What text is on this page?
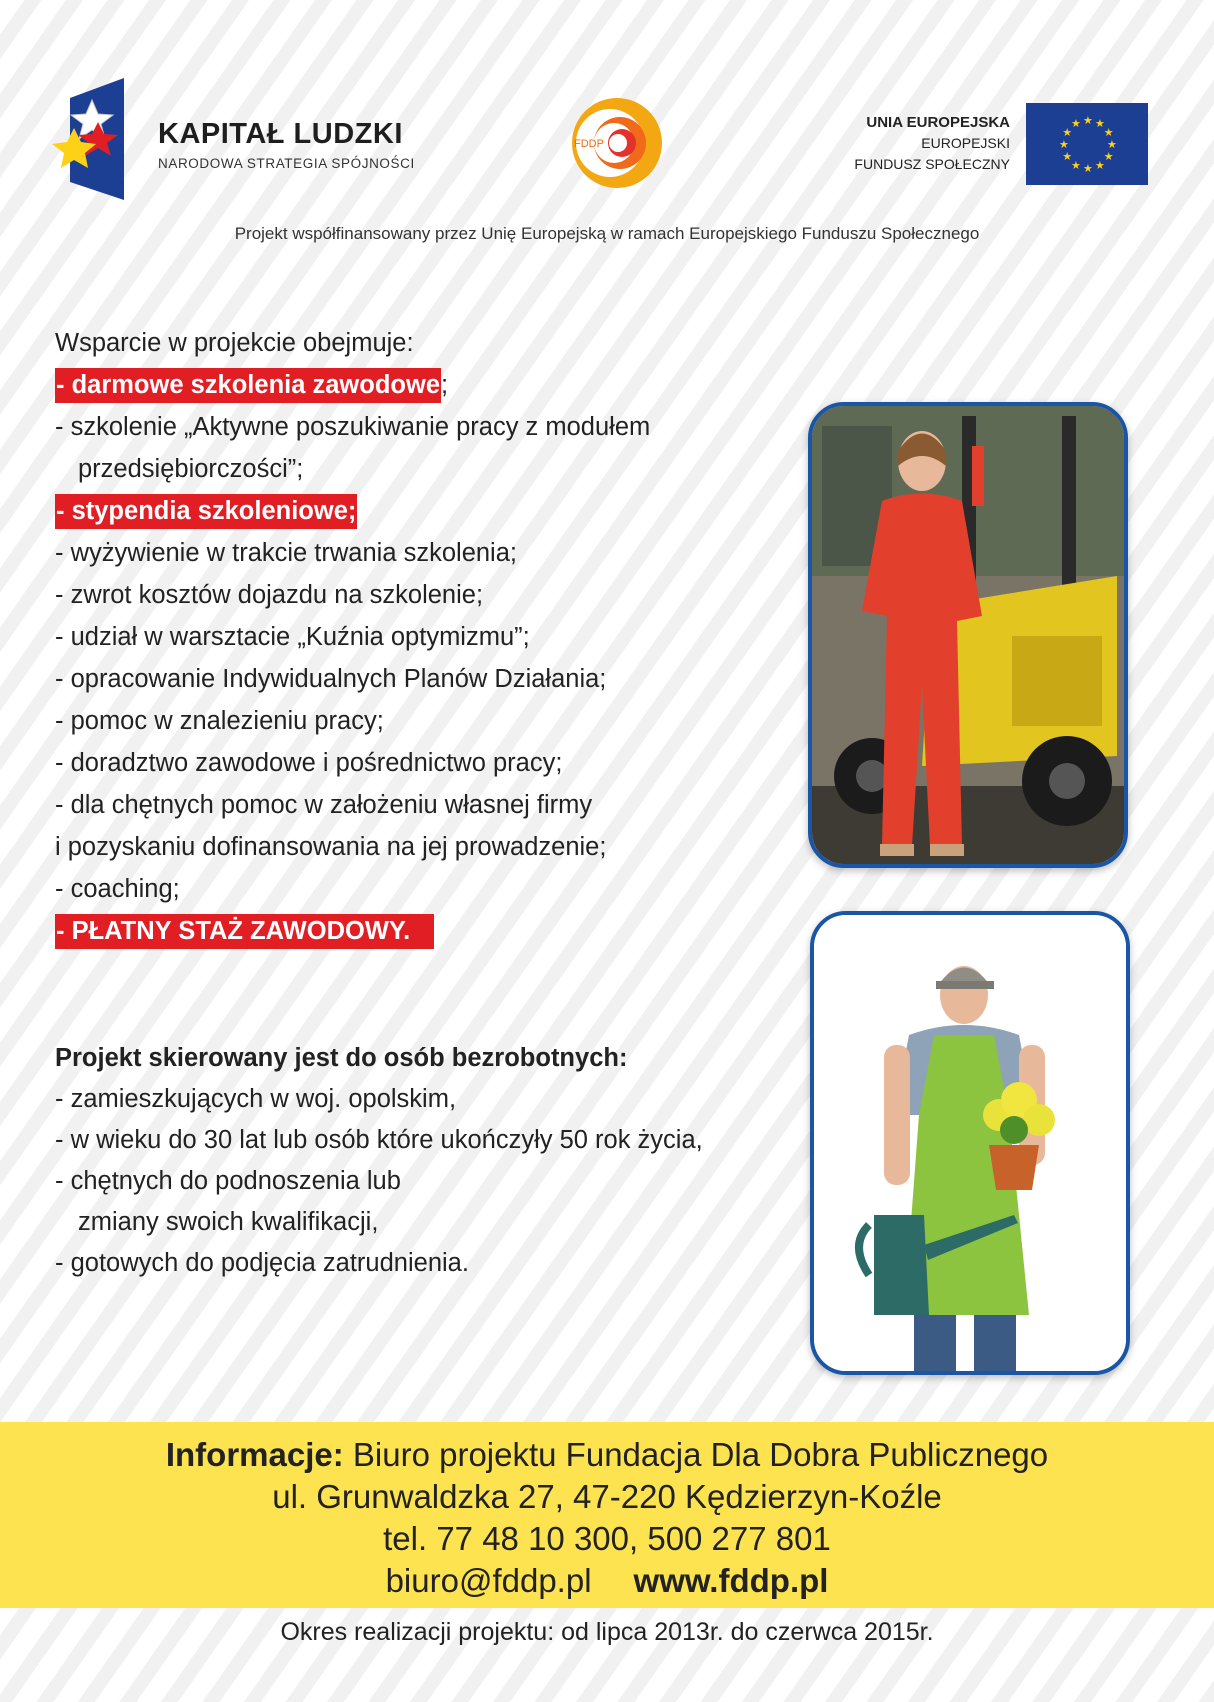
KAPITAŁ LUDZKI
NARODOWA STRATEGIA SPÓJNOŚCI
FDDP
UNIA EUROPEJSKA
EUROPEJSKI
FUNDUSZ SPOŁECZNY
★ ★
★
★
★
★
★
★
★
★
★
★
Projekt współfinansowany przez Unię Europejską w ramach Europejskiego Funduszu Społecznego
Wsparcie w projekcie obejmuje:
- darmowe szkolenia zawodowe;
- szkolenie „Aktywne poszukiwanie pracy z modułem
przedsiębiorczości”;
- stypendia szkoleniowe;
- wyżywienie w trakcie trwania szkolenia;
- zwrot kosztów dojazdu na szkolenie;
- udział w warsztacie „Kuźnia optymizmu”;
- opracowanie Indywidualnych Planów Działania;
- pomoc w znalezieniu pracy;
- doradztwo zawodowe i pośrednictwo pracy;
- dla chętnych pomoc w założeniu własnej firmy
i pozyskaniu dofinansowania na jej prowadzenie;
- coaching;
- PŁATNY STAŻ ZAWODOWY.
Projekt skierowany jest do osób bezrobotnych:
- zamieszkujących w woj. opolskim,
- w wieku do 30 lat lub osób które ukończyły 50 rok życia,
- chętnych do podnoszenia lub
zmiany swoich kwalifikacji,
- gotowych do podjęcia zatrudnienia.
Informacje: Biuro projektu Fundacja Dla Dobra Publicznego
ul. Grunwaldzka 27, 47-220 Kędzierzyn-Koźle
tel. 77 48 10 300, 500 277 801
biuro@fddp.pl www.fddp.pl
Okres realizacji projektu: od lipca 2013r. do czerwca 2015r.
